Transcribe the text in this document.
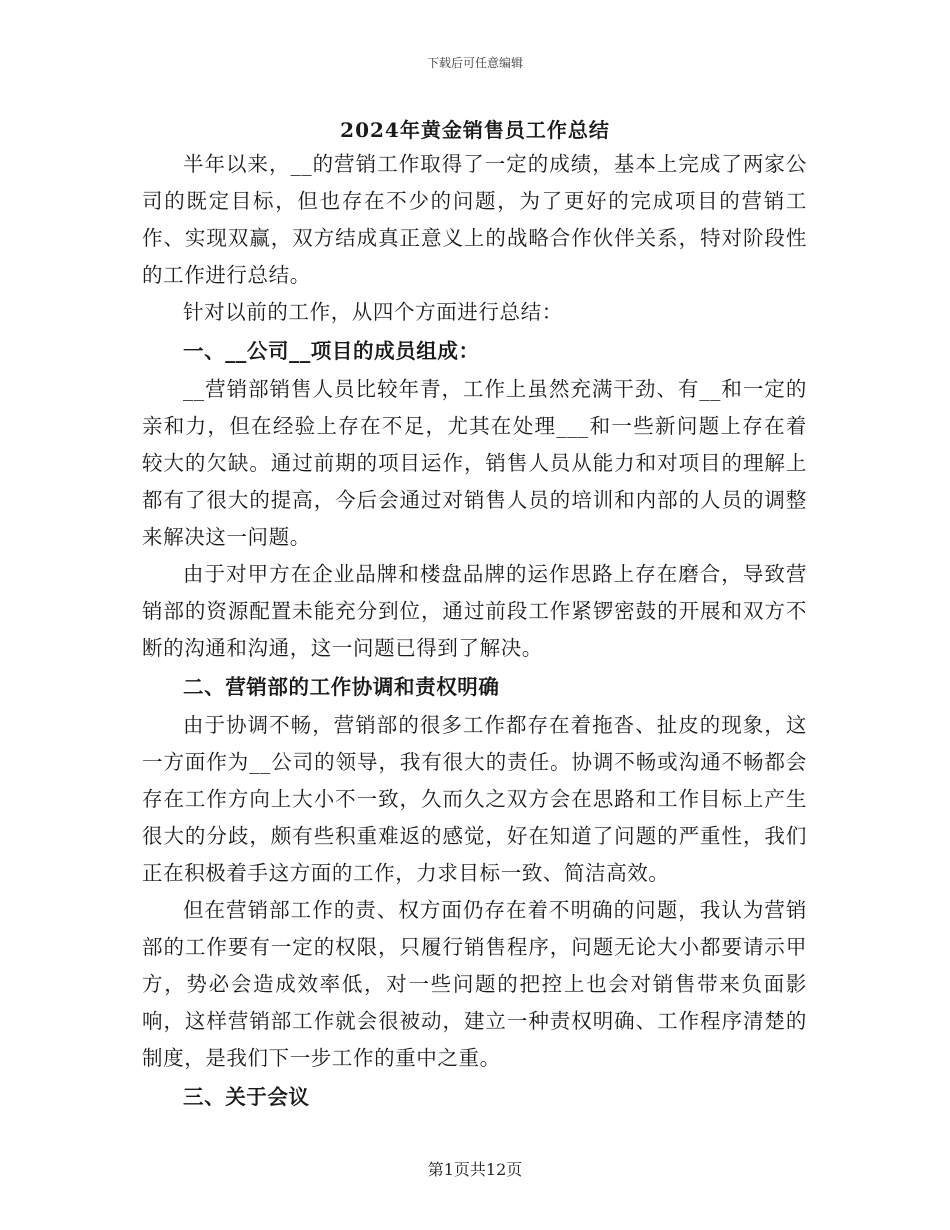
下载后可任意编辑
2024年黄金销售员工作总结

半年以来，__的营销工作取得了一定的成绩，基本上完成了两家公司的既定目标，但也存在不少的问题，为了更好的完成项目的营销工作、实现双赢，双方结成真正意义上的战略合作伙伴关系，特对阶段性的工作进行总结。

针对以前的工作，从四个方面进行总结：

一、__公司__项目的成员组成：

__营销部销售人员比较年青，工作上虽然充满干劲、有__和一定的亲和力，但在经验上存在不足，尤其在处理___和一些新问题上存在着较大的欠缺。通过前期的项目运作，销售人员从能力和对项目的理解上都有了很大的提高，今后会通过对销售人员的培训和内部的人员的调整来解决这一问题。

由于对甲方在企业品牌和楼盘品牌的运作思路上存在磨合，导致营销部的资源配置未能充分到位，通过前段工作紧锣密鼓的开展和双方不断的沟通和沟通，这一问题已得到了解决。

二、营销部的工作协调和责权明确

由于协调不畅，营销部的很多工作都存在着拖沓、扯皮的现象，这一方面作为__公司的领导，我有很大的责任。协调不畅或沟通不畅都会存在工作方向上大小不一致，久而久之双方会在思路和工作目标上产生很大的分歧，颇有些积重难返的感觉，好在知道了问题的严重性，我们正在积极着手这方面的工作，力求目标一致、简洁高效。

但在营销部工作的责、权方面仍存在着不明确的问题，我认为营销部的工作要有一定的权限，只履行销售程序，问题无论大小都要请示甲方，势必会造成效率低，对一些问题的把控上也会对销售带来负面影响，这样营销部工作就会很被动，建立一种责权明确、工作程序清楚的制度，是我们下一步工作的重中之重。

三、关于会议

第1页共12页
